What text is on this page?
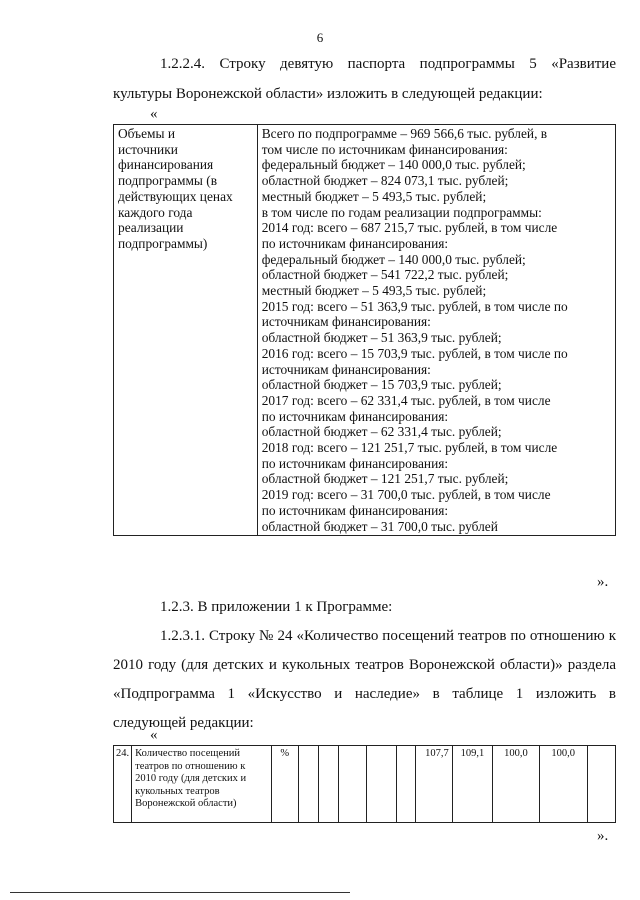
6
1.2.2.4. Строку девятую паспорта подпрограммы 5 «Развитие
культуры Воронежской области» изложить в следующей редакции:
«
Объемы и
источники
финансирования
подпрограммы (в
действующих ценах
каждого года
реализации
подпрограммы)

Всего по подпрограмме – 969 566,6 тыс. рублей, в
том числе по источникам финансирования:
федеральный бюджет – 140 000,0 тыс. рублей;
областной бюджет – 824 073,1 тыс. рублей;
местный бюджет – 5 493,5 тыс. рублей;
в том числе по годам реализации подпрограммы:
2014 год: всего – 687 215,7 тыс. рублей, в том числе
по источникам финансирования:
федеральный бюджет – 140 000,0 тыс. рублей;
областной бюджет – 541 722,2 тыс. рублей;
местный бюджет – 5 493,5 тыс. рублей;
2015 год: всего – 51 363,9 тыс. рублей, в том числе по
источникам финансирования:
областной бюджет – 51 363,9 тыс. рублей;
2016 год: всего – 15 703,9 тыс. рублей, в том числе по
источникам финансирования:
областной бюджет – 15 703,9 тыс. рублей;
2017 год: всего – 62 331,4 тыс. рублей, в том числе
по источникам финансирования:
областной бюджет – 62 331,4 тыс. рублей;
2018 год: всего – 121 251,7 тыс. рублей, в том числе
по источникам финансирования:
областной бюджет – 121 251,7 тыс. рублей;
2019 год: всего – 31 700,0 тыс. рублей, в том числе
по источникам финансирования:
областной бюджет – 31 700,0 тыс. рублей
».
1.2.3. В приложении 1 к Программе:
1.2.3.1. Строку № 24 «Количество посещений театров по отношению к
2010 году (для детских и кукольных театров Воронежской области)» раздела
«Подпрограмма 1 «Искусство и наследие» в таблице 1 изложить в
следующей редакции:
«
24.	Количество посещений театров по отношению к 2010 году (для детских и кукольных театров Воронежской области)	%						107,7	109,1	100,0	100,0	
».
